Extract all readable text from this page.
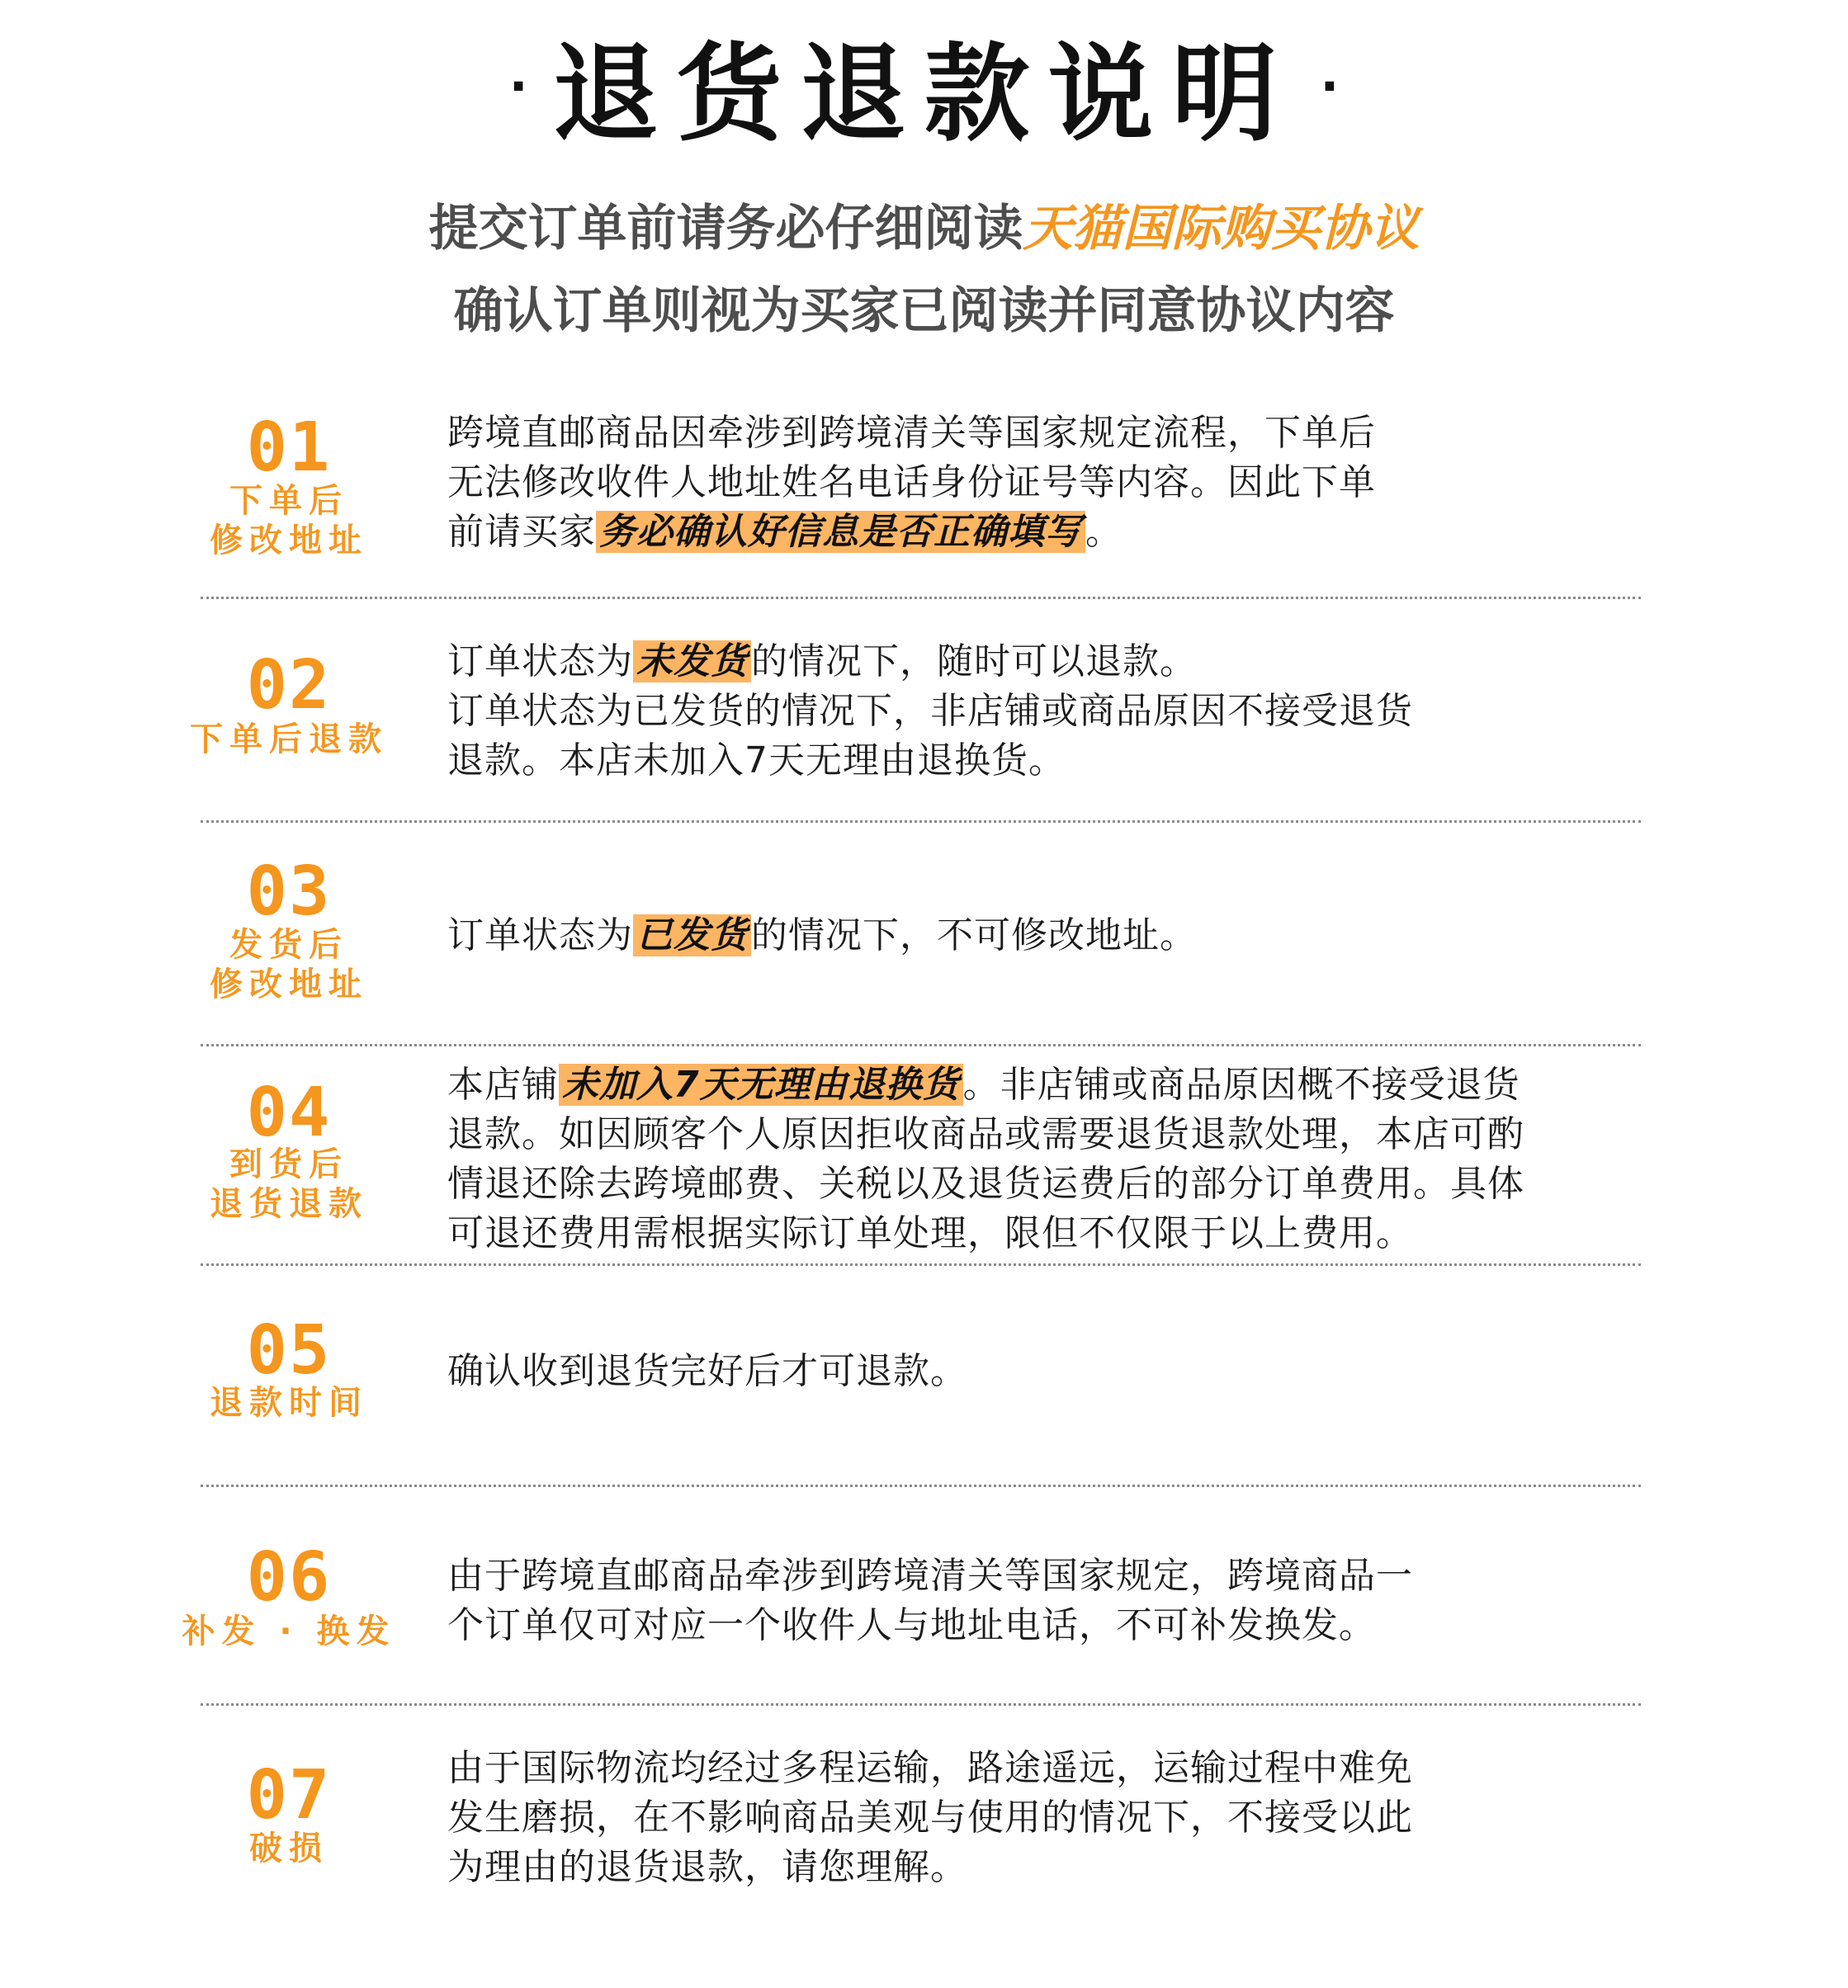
· 退货退款说明 ·
提交订单前请务必仔细阅读天猫国际购买协议
确认订单则视为买家已阅读并同意协议内容
01
下单后
修改地址
跨境直邮商品因牵涉到跨境清关等国家规定流程，下单后
无法修改收件人地址姓名电话身份证号等内容。因此下单
前请买家务必确认好信息是否正确填写。
02
下单后退款
订单状态为未发货的情况下，随时可以退款。
订单状态为已发货的情况下，非店铺或商品原因不接受退货
退款。本店未加入7天无理由退换货。
03
发货后
修改地址
订单状态为已发货的情况下，不可修改地址。
04
到货后
退货退款
本店铺未加入7天无理由退换货。非店铺或商品原因概不接受退货
退款。如因顾客个人原因拒收商品或需要退货退款处理，本店可酌
情退还除去跨境邮费、关税以及退货运费后的部分订单费用。具体
可退还费用需根据实际订单处理，限但不仅限于以上费用。
05
退款时间
确认收到退货完好后才可退款。
06
补发 · 换发
由于跨境直邮商品牵涉到跨境清关等国家规定，跨境商品一
个订单仅可对应一个收件人与地址电话，不可补发换发。
07
破损
由于国际物流均经过多程运输，路途遥远，运输过程中难免
发生磨损，在不影响商品美观与使用的情况下，不接受以此
为理由的退货退款，请您理解。
